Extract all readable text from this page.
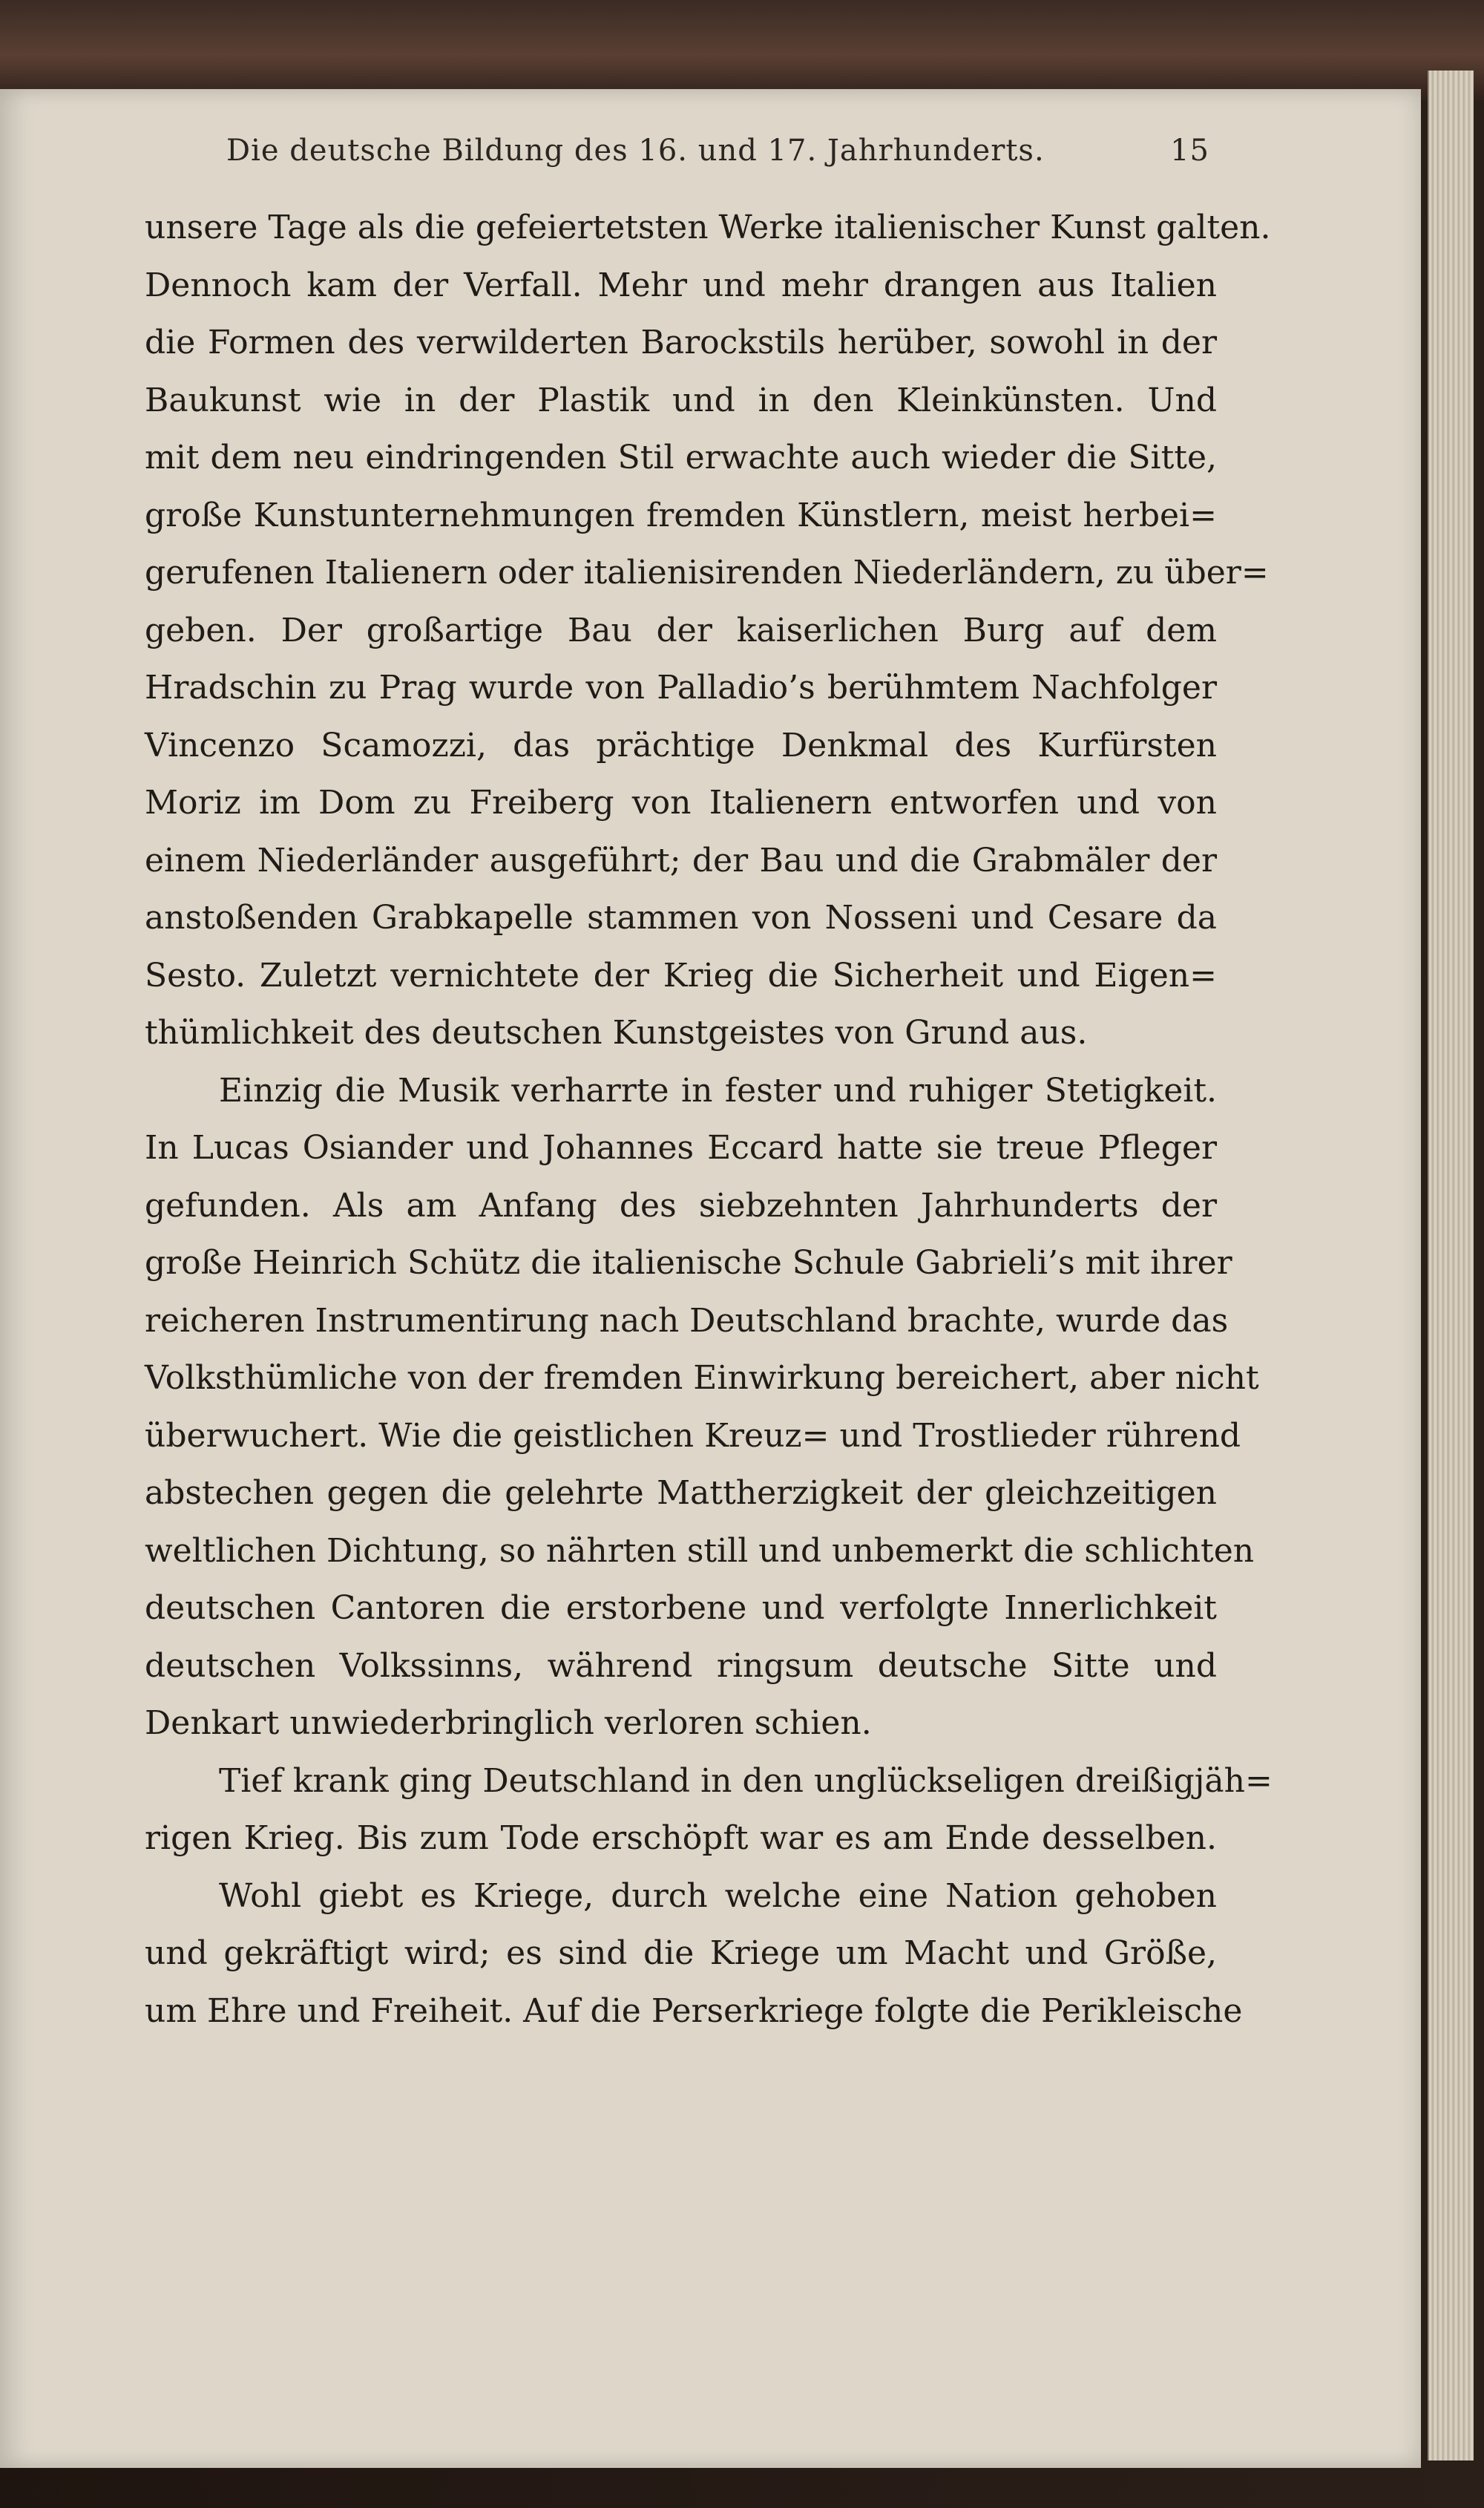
Die deutsche Bildung des 16. und 17. Jahrhunderts.	15
unsere Tage als die gefeiertetsten Werke italienischer Kunst galten.
Dennoch kam der Verfall. Mehr und mehr drangen aus Italien
die Formen des verwilderten Barockstils herüber, sowohl in der
Baukunst wie in der Plastik und in den Kleinkünsten. Und
mit dem neu eindringenden Stil erwachte auch wieder die Sitte,
große Kunstunternehmungen fremden Künstlern, meist herbei=
gerufenen Italienern oder italienisirenden Niederländern, zu über=
geben. Der großartige Bau der kaiserlichen Burg auf dem
Hradschin zu Prag wurde von Palladio’s berühmtem Nachfolger
Vincenzo Scamozzi, das prächtige Denkmal des Kurfürsten
Moriz im Dom zu Freiberg von Italienern entworfen und von
einem Niederländer ausgeführt; der Bau und die Grabmäler der
anstoßenden Grabkapelle stammen von Nosseni und Cesare da
Sesto. Zuletzt vernichtete der Krieg die Sicherheit und Eigen=
thümlichkeit des deutschen Kunstgeistes von Grund aus.
Einzig die Musik verharrte in fester und ruhiger Stetigkeit.
In Lucas Osiander und Johannes Eccard hatte sie treue Pfleger
gefunden. Als am Anfang des siebzehnten Jahrhunderts der
große Heinrich Schütz die italienische Schule Gabrieli’s mit ihrer
reicheren Instrumentirung nach Deutschland brachte, wurde das
Volksthümliche von der fremden Einwirkung bereichert, aber nicht
überwuchert. Wie die geistlichen Kreuz= und Trostlieder rührend
abstechen gegen die gelehrte Mattherzigkeit der gleichzeitigen
weltlichen Dichtung, so nährten still und unbemerkt die schlichten
deutschen Cantoren die erstorbene und verfolgte Innerlichkeit
deutschen Volkssinns, während ringsum deutsche Sitte und
Denkart unwiederbringlich verloren schien.
Tief krank ging Deutschland in den unglückseligen dreißigjäh=
rigen Krieg. Bis zum Tode erschöpft war es am Ende desselben.
Wohl giebt es Kriege, durch welche eine Nation gehoben
und gekräftigt wird; es sind die Kriege um Macht und Größe,
um Ehre und Freiheit. Auf die Perserkriege folgte die Perikleische
